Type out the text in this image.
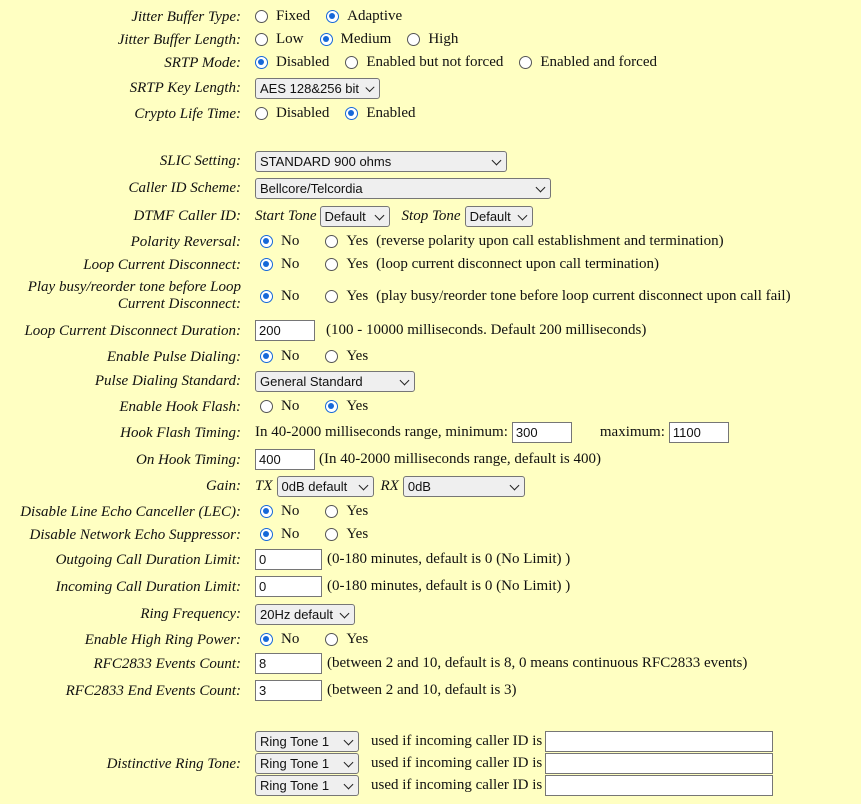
Jitter Buffer Type: Fixed Adaptive
Jitter Buffer Length: Low Medium High
SRTP Mode: Disabled Enabled but not forced Enabled and forced
SRTP Key Length: AES 128&256 bit
Crypto Life Time: Disabled Enabled
SLIC Setting: STANDARD 900 ohms
Caller ID Scheme: Bellcore/Telcordia
DTMF Caller ID: Start Tone Default Stop Tone Default
Polarity Reversal:	No	Yes (reverse polarity upon call establishment and termination)
Loop Current Disconnect:	No	Yes (loop current disconnect upon call termination)
Play busy/reorder tone before Loop Current Disconnect:	No	Yes (play busy/reorder tone before loop current disconnect upon call fail)
Loop Current Disconnect Duration:	200	(100 - 10000 milliseconds. Default 200 milliseconds)
Enable Pulse Dialing:	No	Yes
Pulse Dialing Standard: General Standard
Enable Hook Flash:	No	Yes
Hook Flash Timing: In 40-2000 milliseconds range, minimum: 300	maximum: 1100
On Hook Timing:	400	(In 40-2000 milliseconds range, default is 400)
Gain: TX 0dB default RX 0dB
Disable Line Echo Canceller (LEC):	No	Yes
Disable Network Echo Suppressor:	No	Yes
Outgoing Call Duration Limit:	0	(0-180 minutes, default is 0 (No Limit) )
Incoming Call Duration Limit:	0	(0-180 minutes, default is 0 (No Limit) )
Ring Frequency: 20Hz default
Enable High Ring Power:	No	Yes
RFC2833 Events Count:	8	(between 2 and 10, default is 8, 0 means continuous RFC2833 events)
RFC2833 End Events Count:	3	(between 2 and 10, default is 3)
Distinctive Ring Tone:
Ring Tone 1	used if incoming caller ID is
Ring Tone 1	used if incoming caller ID is
Ring Tone 1	used if incoming caller ID is
